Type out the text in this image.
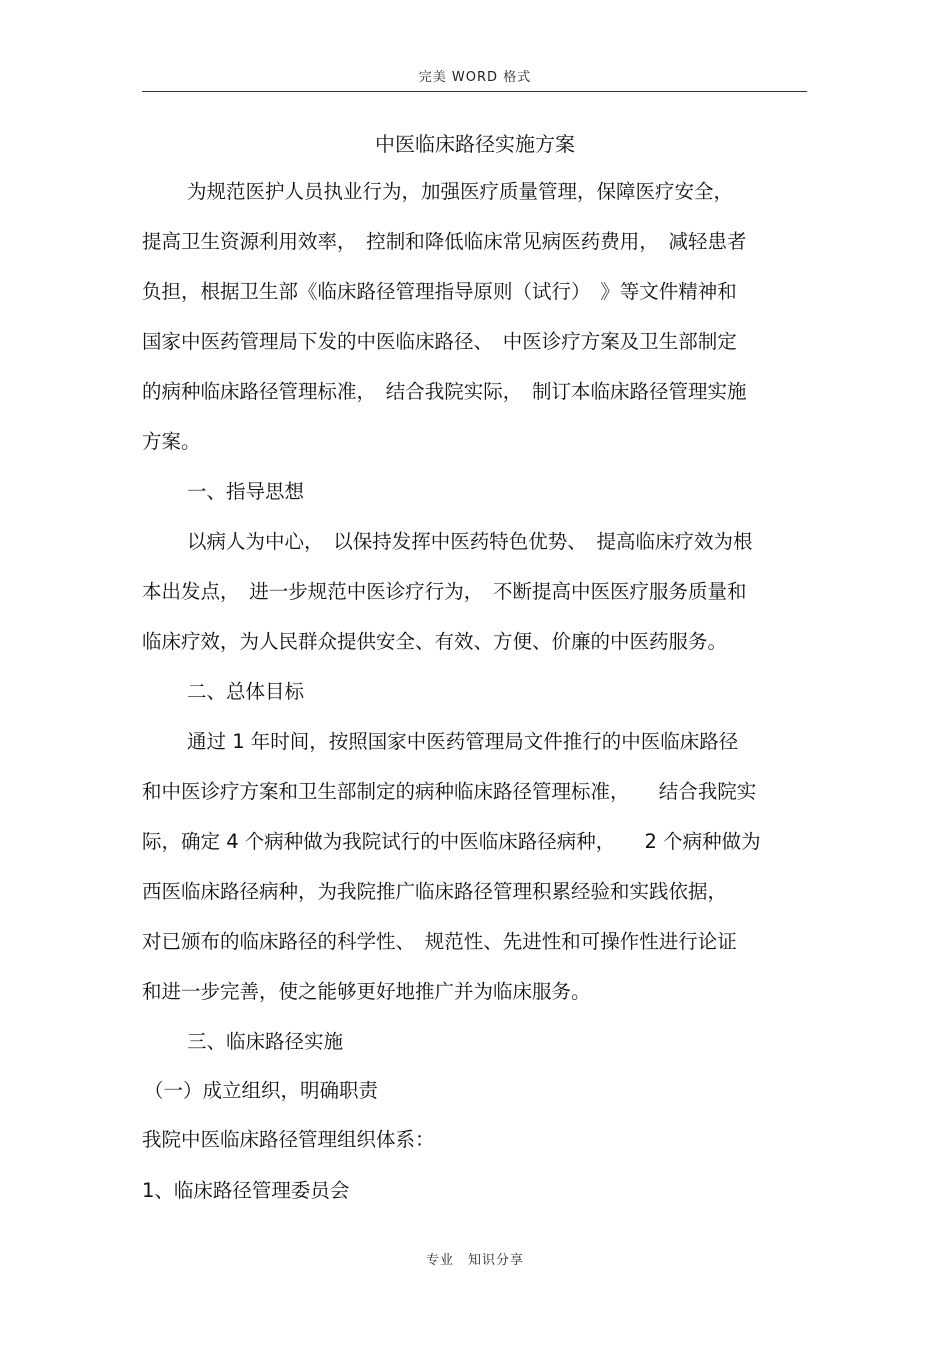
完美 WORD 格式
中医临床路径实施方案
为规范医护人员执业行为，加强医疗质量管理，保障医疗安全，
提高卫生资源利用效率，　控制和降低临床常见病医药费用，　减轻患者
负担，根据卫生部《临床路径管理指导原则（试行）　》等文件精神和
国家中医药管理局下发的中医临床路径、　中医诊疗方案及卫生部制定
的病种临床路径管理标准，　结合我院实际，　制订本临床路径管理实施
方案。
一、指导思想
以病人为中心，　以保持发挥中医药特色优势、　提高临床疗效为根
本出发点，　进一步规范中医诊疗行为，　不断提高中医医疗服务质量和
临床疗效，为人民群众提供安全、有效、方便、价廉的中医药服务。
二、总体目标
通过 1 年时间，按照国家中医药管理局文件推行的中医临床路径
和中医诊疗方案和卫生部制定的病种临床路径管理标准，　　结合我院实
际，确定 4 个病种做为我院试行的中医临床路径病种，　　2 个病种做为
西医临床路径病种，为我院推广临床路径管理积累经验和实践依据，
对已颁布的临床路径的科学性、　规范性、先进性和可操作性进行论证
和进一步完善，使之能够更好地推广并为临床服务。
三、临床路径实施
（一）成立组织，明确职责
我院中医临床路径管理组织体系：
1、临床路径管理委员会
专业　知识分享
